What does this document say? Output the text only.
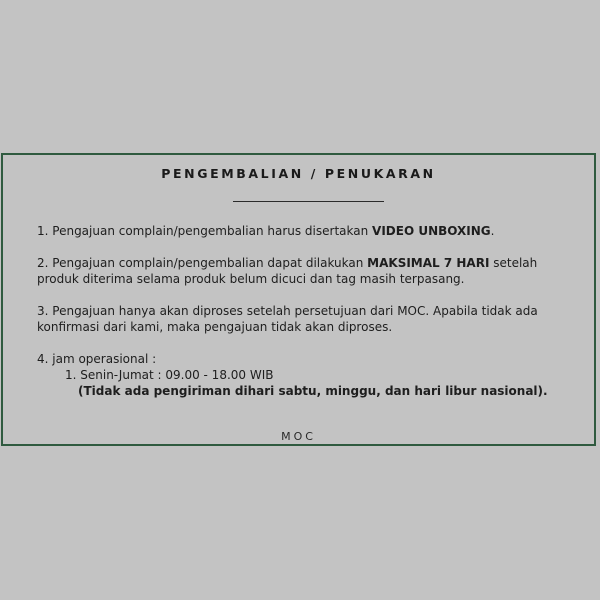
PENGEMBALIAN / PENUKARAN

1. Pengajuan complain/pengembalian harus disertakan VIDEO UNBOXING.

2. Pengajuan complain/pengembalian dapat dilakukan MAKSIMAL 7 HARI setelah produk diterima selama produk belum dicuci dan tag masih terpasang.

3. Pengajuan hanya akan diproses setelah persetujuan dari MOC. Apabila tidak ada konfirmasi dari kami, maka pengajuan tidak akan diproses.

4. jam operasional :

1. Senin-Jumat : 09.00 - 18.00 WIB

(Tidak ada pengiriman dihari sabtu, minggu, dan hari libur nasional).

MOC
